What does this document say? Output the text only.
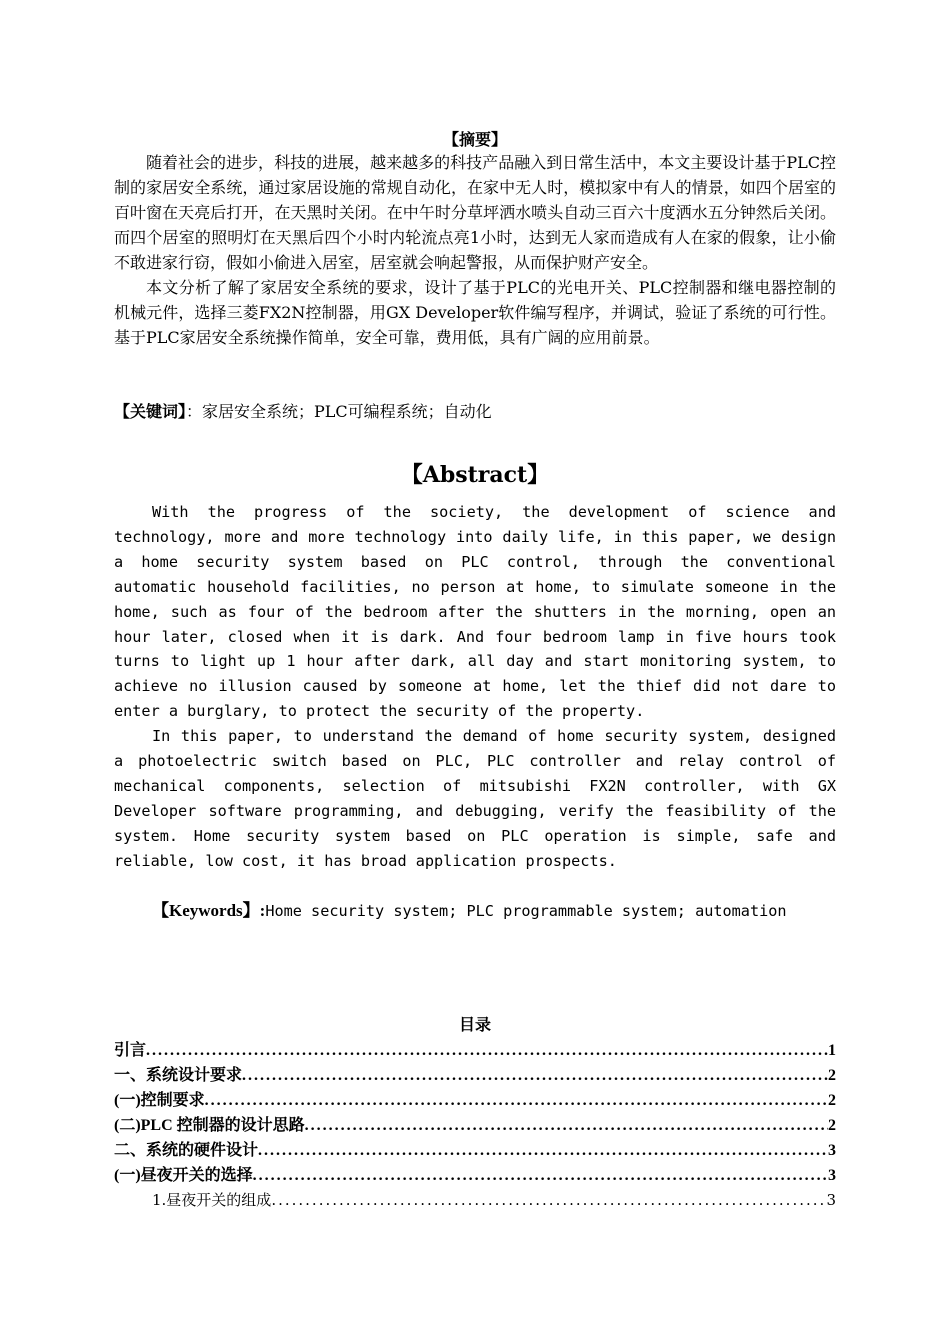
【摘要】

随着社会的进步，科技的进展，越来越多的科技产品融入到日常生活中，本文主要设计基于PLC控制的家居安全系统，通过家居设施的常规自动化，在家中无人时，模拟家中有人的情景，如四个居室的百叶窗在天亮后打开，在天黑时关闭。在中午时分草坪洒水喷头自动三百六十度洒水五分钟然后关闭。而四个居室的照明灯在天黑后四个小时内轮流点亮1小时，达到无人家而造成有人在家的假象，让小偷不敢进家行窃，假如小偷进入居室，居室就会响起警报，从而保护财产安全。

本文分析了解了家居安全系统的要求，设计了基于PLC的光电开关、PLC控制器和继电器控制的机械元件，选择三菱FX2N控制器，用GX Developer软件编写程序，并调试，验证了系统的可行性。基于PLC家居安全系统操作简单，安全可靠，费用低，具有广阔的应用前景。

【关键词】：家居安全系统；PLC可编程系统；自动化
【Abstract】

With the progress of the society, the development of science and technology, more and more technology into daily life, in this paper, we design a home security system based on PLC control, through the conventional automatic household facilities, no person at home, to simulate someone in the home, such as four of the bedroom after the shutters in the morning, open an hour later, closed when it is dark. And four bedroom lamp in five hours took turns to light up 1 hour after dark, all day and start monitoring system, to achieve no illusion caused by someone at home, let the thief did not dare to enter a burglary, to protect the security of the property.

In this paper, to understand the demand of home security system, designed a photoelectric switch based on PLC, PLC controller and relay control of mechanical components, selection of mitsubishi FX2N controller, with GX Developer software programming, and debugging, verify the feasibility of the system. Home security system based on PLC operation is simple, safe and reliable, low cost, it has broad application prospects.

【Keywords】:Home security system; PLC programmable system; automation
目录
引言 .....	1
一、系统设计要求 .....	2
(一)控制要求 .....	2
(二)PLC 控制器的设计思路 .....	2
二、系统的硬件设计 .....	3
(一)昼夜开关的选择 .....	3
1.昼夜开关的组成 .....	3
